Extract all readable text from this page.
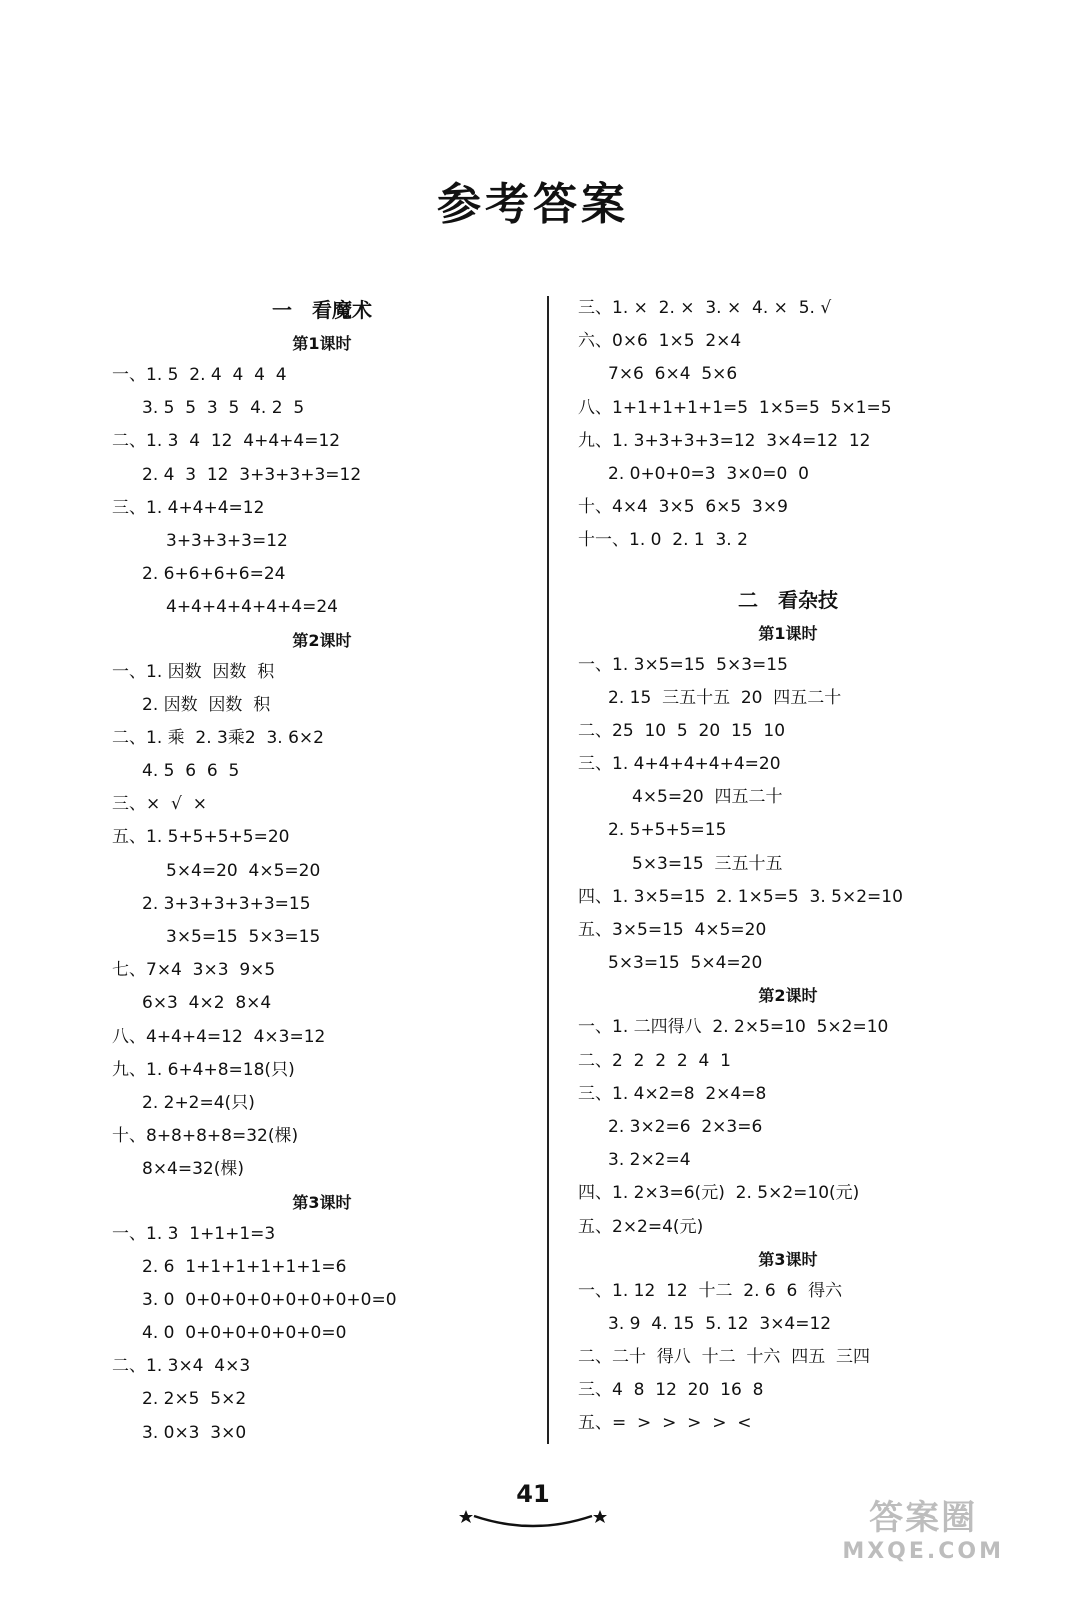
参考答案
一　看魔术
第1课时
一、1. 5  2. 4  4  4  4
3. 5  5  3  5  4. 2  5
二、1. 3  4  12  4+4+4=12
2. 4  3  12  3+3+3+3=12
三、1. 4+4+4=12
3+3+3+3=12
2. 6+6+6+6=24
4+4+4+4+4+4=24
第2课时
一、1. 因数  因数  积
2. 因数  因数  积
二、1. 乘  2. 3乘2  3. 6×2
4. 5  6  6  5
三、×  √  ×
五、1. 5+5+5+5=20
5×4=20  4×5=20
2. 3+3+3+3+3=15
3×5=15  5×3=15
七、7×4  3×3  9×5
6×3  4×2  8×4
八、4+4+4=12  4×3=12
九、1. 6+4+8=18(只)
2. 2+2=4(只)
十、8+8+8+8=32(棵)
8×4=32(棵)
第3课时
一、1. 3  1+1+1=3
2. 6  1+1+1+1+1+1=6
3. 0  0+0+0+0+0+0+0+0=0
4. 0  0+0+0+0+0+0=0
二、1. 3×4  4×3
2. 2×5  5×2
3. 0×3  3×0
三、1. ×  2. ×  3. ×  4. ×  5. √
六、0×6  1×5  2×4
7×6  6×4  5×6
八、1+1+1+1+1=5  1×5=5  5×1=5
九、1. 3+3+3+3=12  3×4=12  12
2. 0+0+0=3  3×0=0  0
十、4×4  3×5  6×5  3×9
十一、1. 0  2. 1  3. 2
二　看杂技
第1课时
一、1. 3×5=15  5×3=15
2. 15  三五十五  20  四五二十
二、25  10  5  20  15  10
三、1. 4+4+4+4+4=20
4×5=20  四五二十
2. 5+5+5=15
5×3=15  三五十五
四、1. 3×5=15  2. 1×5=5  3. 5×2=10
五、3×5=15  4×5=20
5×3=15  5×4=20
第2课时
一、1. 二四得八  2. 2×5=10  5×2=10
二、2  2  2  2  4  1
三、1. 4×2=8  2×4=8
2. 3×2=6  2×3=6
3. 2×2=4
四、1. 2×3=6(元)  2. 5×2=10(元)
五、2×2=4(元)
第3课时
一、1. 12  12  十二  2. 6  6  得六
3. 9  4. 15  5. 12  3×4=12
二、二十  得八  十二  十六  四五  三四
三、4  8  12  20  16  8
五、=  >  >  >  >  <
41
答案圈
MXQE.COM
